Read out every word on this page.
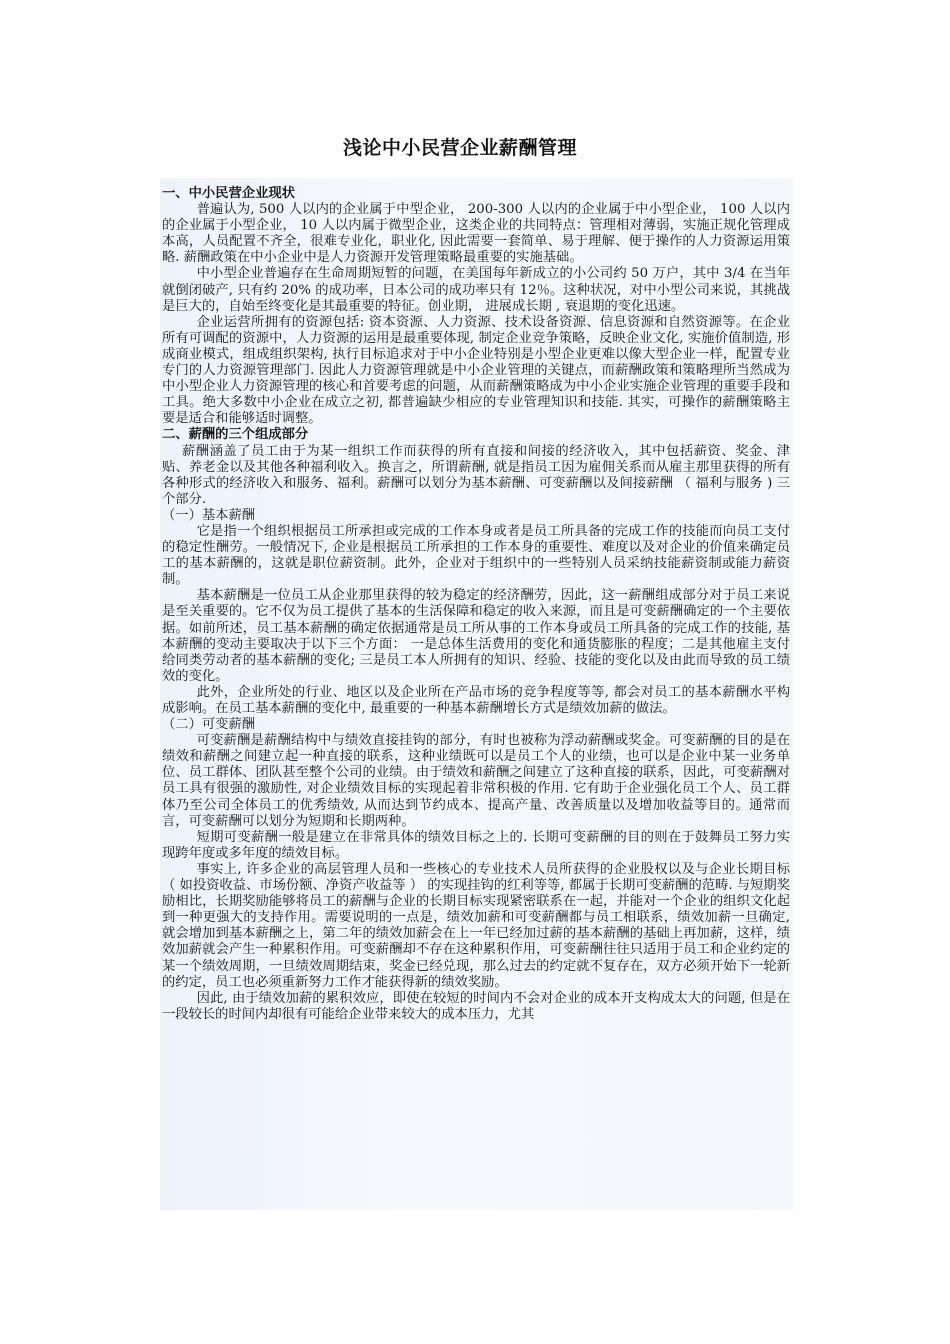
浅论中小民营企业薪酬管理

一、中小民营企业现状

普遍认为, 500 人以内的企业属于中型企业， 200-300 人以内的企业属于中小型企业， 100 人以内的企业属于小型企业， 10 人以内属于微型企业，这类企业的共同特点：管理相对薄弱，实施正规化管理成本高，人员配置不齐全，很难专业化，职业化, 因此需要一套简单、易于理解、便于操作的人力资源运用策略. 薪酬政策在中小企业中是人力资源开发管理策略最重要的实施基础。

中小型企业普遍存在生命周期短暂的问题，在美国每年新成立的小公司约 50 万户，其中 3/4 在当年就倒闭破产, 只有约 20% 的成功率，日本公司的成功率只有 12％。这种状况，对中小型公司来说，其挑战是巨大的，自始至终变化是其最重要的特征。创业期， 进展成长期 , 衰退期的变化迅速。

企业运营所拥有的资源包括: 资本资源、人力资源、技术设备资源、信息资源和自然资源等。在企业所有可调配的资源中，人力资源的运用是最重要体现, 制定企业竞争策略，反映企业文化, 实施价值制造, 形成商业模式，组成组织架构, 执行目标追求对于中小企业特别是小型企业更难以像大型企业一样，配置专业专门的人力资源管理部门. 因此人力资源管理就是中小企业管理的关键点，而薪酬政策和策略理所当然成为中小型企业人力资源管理的核心和首要考虑的问题，从而薪酬策略成为中小企业实施企业管理的重要手段和工具。绝大多数中小企业在成立之初, 都普遍缺少相应的专业管理知识和技能. 其实，可操作的薪酬策略主要是适合和能够适时调整。

二、薪酬的三个组成部分

薪酬涵盖了员工由于为某一组织工作而获得的所有直接和间接的经济收入，其中包括薪资、奖金、津贴、养老金以及其他各种福利收入。换言之，所谓薪酬, 就是指员工因为雇佣关系而从雇主那里获得的所有各种形式的经济收入和服务、福利。薪酬可以划分为基本薪酬、可变薪酬以及间接薪酬 （ 福利与服务 ) 三个部分.

（一）基本薪酬

它是指一个组织根据员工所承担或完成的工作本身或者是员工所具备的完成工作的技能而向员工支付的稳定性酬劳。一般情况下, 企业是根据员工所承担的工作本身的重要性、难度以及对企业的价值来确定员工的基本薪酬的，这就是职位薪资制。此外，企业对于组织中的一些特别人员采纳技能薪资制或能力薪资制。

基本薪酬是一位员工从企业那里获得的较为稳定的经济酬劳，因此，这一薪酬组成部分对于员工来说是至关重要的。它不仅为员工提供了基本的生活保障和稳定的收入来源，而且是可变薪酬确定的一个主要依据。如前所述，员工基本薪酬的确定依据通常是员工所从事的工作本身或员工所具备的完成工作的技能, 基本薪酬的变动主要取决于以下三个方面： 一是总体生活费用的变化和通货膨胀的程度；二是其他雇主支付给同类劳动者的基本薪酬的变化; 三是员工本人所拥有的知识、经验、技能的变化以及由此而导致的员工绩效的变化。

此外，企业所处的行业、地区以及企业所在产品市场的竞争程度等等, 都会对员工的基本薪酬水平构成影响。在员工基本薪酬的变化中, 最重要的一种基本薪酬增长方式是绩效加薪的做法。

（二）可变薪酬

可变薪酬是薪酬结构中与绩效直接挂钩的部分，有时也被称为浮动薪酬或奖金。可变薪酬的目的是在绩效和薪酬之间建立起一种直接的联系，这种业绩既可以是员工个人的业绩，也可以是企业中某一业务单位、员工群体、团队甚至整个公司的业绩。由于绩效和薪酬之间建立了这种直接的联系，因此，可变薪酬对员工具有很强的激励性, 对企业绩效目标的实现起着非常积极的作用. 它有助于企业强化员工个人、员工群体乃至公司全体员工的优秀绩效, 从而达到节约成本、提高产量、改善质量以及增加收益等目的。通常而言，可变薪酬可以划分为短期和长期两种。

短期可变薪酬一般是建立在非常具体的绩效目标之上的. 长期可变薪酬的目的则在于鼓舞员工努力实现跨年度或多年度的绩效目标。

事实上, 许多企业的高层管理人员和一些核心的专业技术人员所获得的企业股权以及与企业长期目标 （ 如投资收益、市场份额、净资产收益等 ） 的实现挂钩的红利等等, 都属于长期可变薪酬的范畴. 与短期奖励相比，长期奖励能够将员工的薪酬与企业的长期目标实现紧密联系在一起，并能对一个企业的组织文化起到一种更强大的支持作用。需要说明的一点是，绩效加薪和可变薪酬都与员工相联系，绩效加薪一旦确定, 就会增加到基本薪酬之上，第二年的绩效加薪会在上一年已经加过薪的基本薪酬的基础上再加薪，这样，绩效加薪就会产生一种累积作用。可变薪酬却不存在这种累积作用，可变薪酬往往只适用于员工和企业约定的某一个绩效周期，一旦绩效周期结束，奖金已经兑现，那么过去的约定就不复存在，双方必须开始下一轮新的约定，员工也必须重新努力工作才能获得新的绩效奖励。

因此, 由于绩效加薪的累积效应，即使在较短的时间内不会对企业的成本开支构成太大的问题, 但是在一段较长的时间内却很有可能给企业带来较大的成本压力，尤其
